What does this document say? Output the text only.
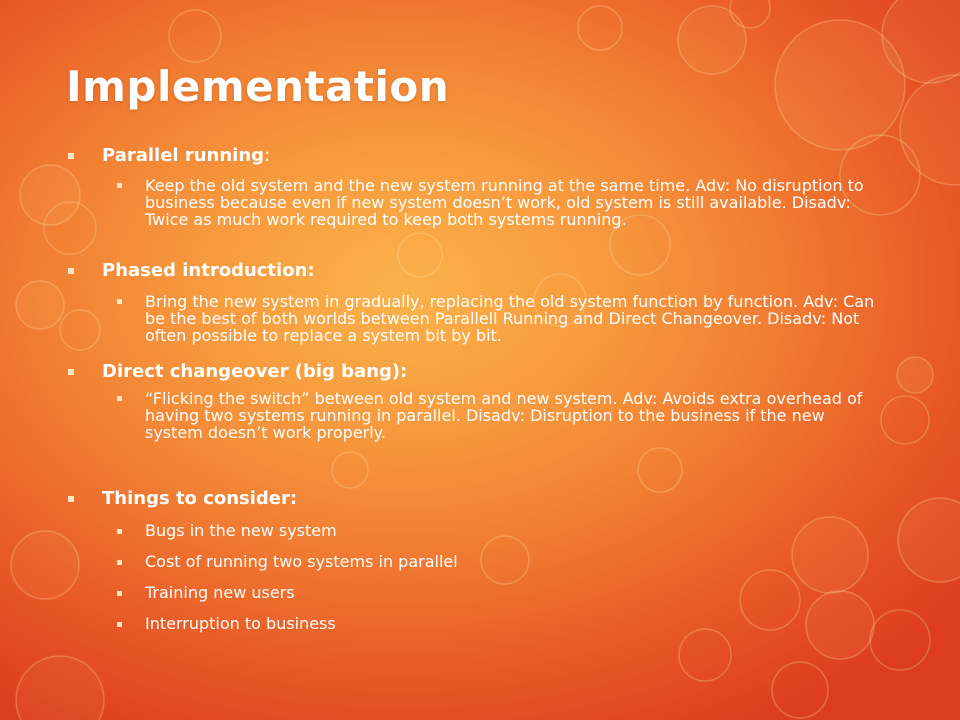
Implementation
Parallel running:
Keep the old system and the new system running at the same time. Adv: No disruption to business because even if new system doesn’t work, old system is still available. Disadv: Twice as much work required to keep both systems running.
Phased introduction:
Bring the new system in gradually, replacing the old system function by function. Adv: Can be the best of both worlds between Parallell Running and Direct Changeover. Disadv: Not often possible to replace a system bit by bit.
Direct changeover (big bang):
“Flicking the switch” between old system and new system. Adv: Avoids extra overhead of having two systems running in parallel. Disadv: Disruption to the business if the new system doesn’t work properly.
Things to consider:
Bugs in the new system
Cost of running two systems in parallel
Training new users
Interruption to business
